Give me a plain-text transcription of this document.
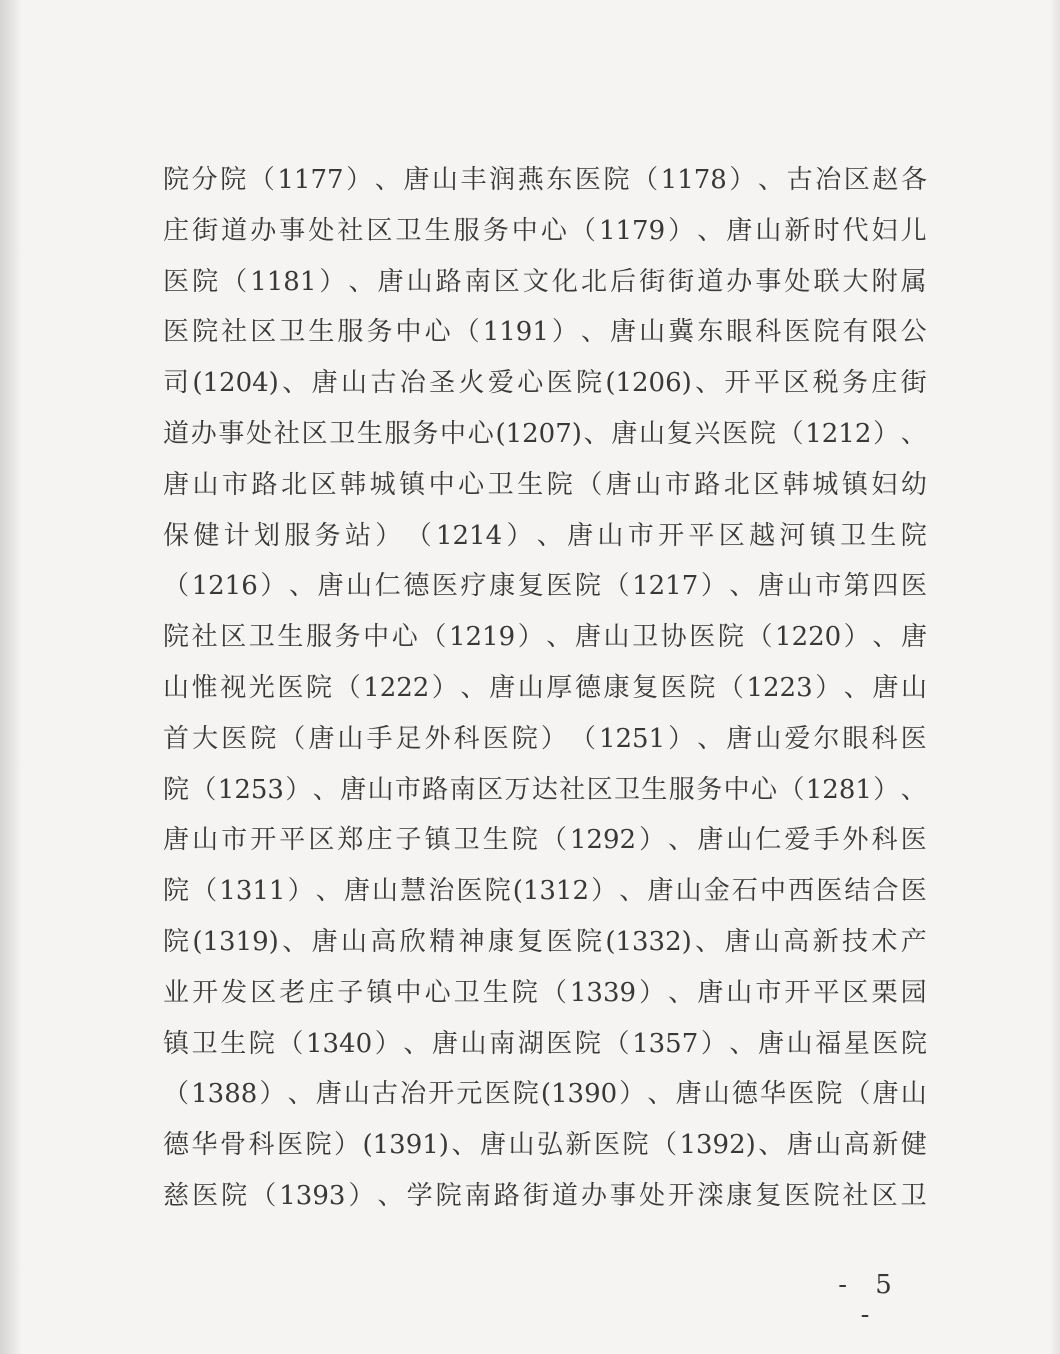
院 分 院 （ 1177 ） 、 唐 山 丰 润 燕 东 医 院 （ 1178 ） 、 古 冶 区 赵 各
庄 街 道 办 事 处 社 区 卫 生 服 务 中 心 （ 1179 ） 、 唐 山 新 时 代 妇 儿
医 院 （ 1181 ） 、 唐 山 路 南 区 文 化 北 后 街 街 道 办 事 处 联 大 附 属
医 院 社 区 卫 生 服 务 中 心 （ 1191 ） 、 唐 山 冀 东 眼 科 医 院 有 限 公
司 (1204) 、 唐 山 古 冶 圣 火 爱 心 医 院 (1206) 、 开 平 区 税 务 庄 街
道 办 事 处 社 区 卫 生 服 务 中 心 (1207) 、 唐 山 复 兴 医 院 （ 1212 ） 、
唐 山 市 路 北 区 韩 城 镇 中 心 卫 生 院 （ 唐 山 市 路 北 区 韩 城 镇 妇 幼
保 健 计 划 服 务 站 ） （ 1214 ） 、 唐 山 市 开 平 区 越 河 镇 卫 生 院
（ 1216 ） 、 唐 山 仁 德 医 疗 康 复 医 院 （ 1217 ） 、 唐 山 市 第 四 医
院 社 区 卫 生 服 务 中 心 （ 1219 ） 、 唐 山 卫 协 医 院 （ 1220 ） 、 唐
山 惟 视 光 医 院 （ 1222 ） 、 唐 山 厚 德 康 复 医 院 （ 1223 ） 、 唐 山
首 大 医 院 （ 唐 山 手 足 外 科 医 院 ） （ 1251 ） 、 唐 山 爱 尔 眼 科 医
院 （ 1253 ） 、 唐 山 市 路 南 区 万 达 社 区 卫 生 服 务 中 心 （ 1281 ） 、
唐 山 市 开 平 区 郑 庄 子 镇 卫 生 院 （ 1292 ） 、 唐 山 仁 爱 手 外 科 医
院 （ 1311 ） 、 唐 山 慧 治 医 院 (1312 ） 、 唐 山 金 石 中 西 医 结 合 医
院 (1319) 、 唐 山 高 欣 精 神 康 复 医 院 (1332) 、 唐 山 高 新 技 术 产
业 开 发 区 老 庄 子 镇 中 心 卫 生 院 （ 1339 ） 、 唐 山 市 开 平 区 栗 园
镇 卫 生 院 （ 1340 ） 、 唐 山 南 湖 医 院 （ 1357 ） 、 唐 山 福 星 医 院
（ 1388 ） 、 唐 山 古 冶 开 元 医 院 (1390 ） 、 唐 山 德 华 医 院 （ 唐 山
德 华 骨 科 医 院 ） (1391) 、 唐 山 弘 新 医 院 （ 1392) 、 唐 山 高 新 健
慈 医 院 （ 1393 ） 、 学 院 南 路 街 道 办 事 处 开 滦 康 复 医 院 社 区 卫
- 5 -
